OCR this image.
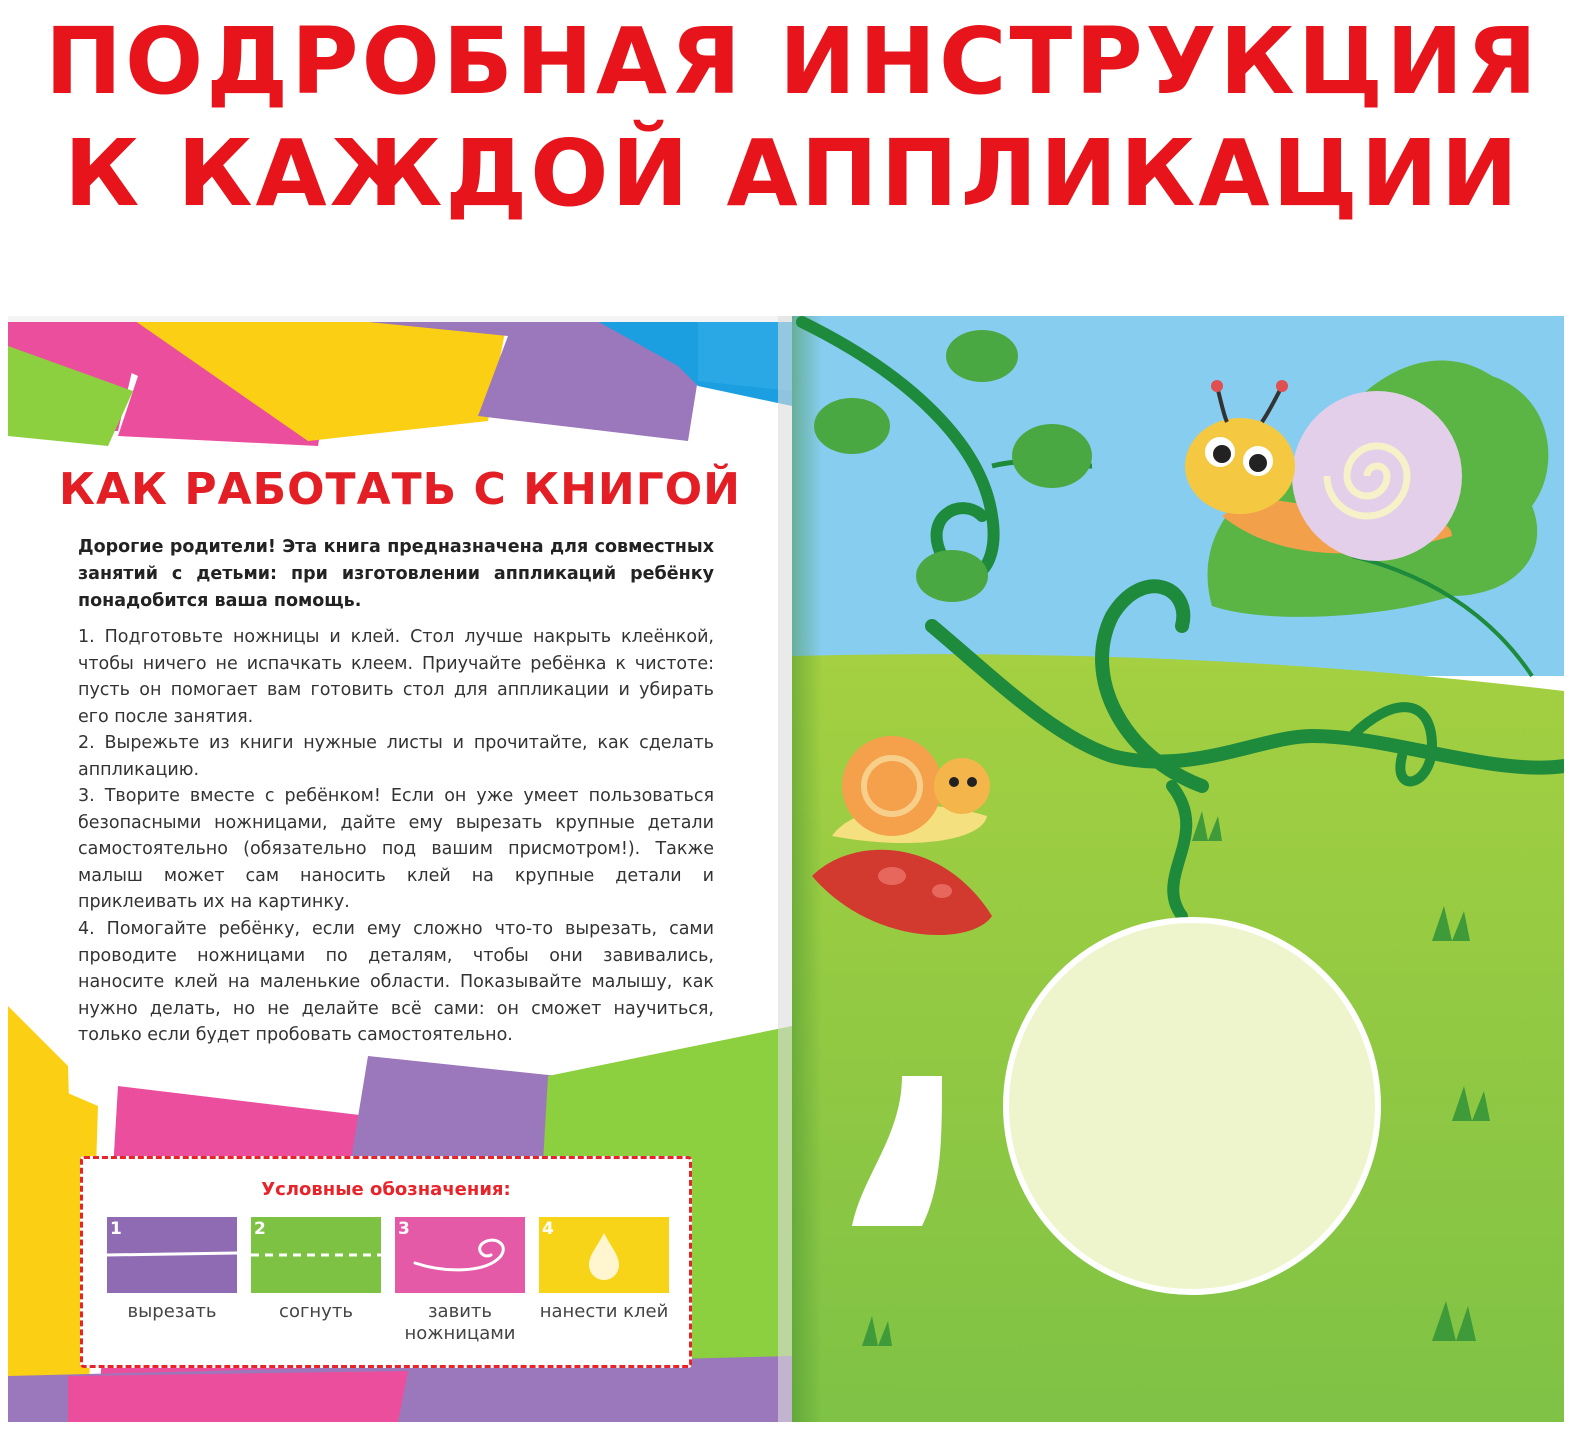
ПОДРОБНАЯ ИНСТРУКЦИЯ
К КАЖДОЙ АППЛИКАЦИИ
КАК РАБОТАТЬ С КНИГОЙ
Дорогие родители! Эта книга предназначена для совместных занятий с детьми: при изготовлении аппликаций ребёнку понадобится ваша помощь.
1. Подготовьте ножницы и клей. Стол лучше накрыть клеёнкой, чтобы ничего не испачкать клеем. Приучайте ребёнка к чистоте: пусть он помогает вам готовить стол для аппликации и убирать его после занятия.
2. Вырежьте из книги нужные листы и прочитайте, как сделать аппликацию.
3. Творите вместе с ребёнком! Если он уже умеет пользоваться безопасными ножницами, дайте ему вырезать крупные детали самостоятельно (обязательно под вашим присмотром!). Также малыш может сам наносить клей на крупные детали и приклеивать их на картинку.
4. Помогайте ребёнку, если ему сложно что-то вырезать, сами проводите ножницами по деталям, чтобы они завивались, наносите клей на маленькие области. Показывайте малышу, как нужно делать, но не делайте всё сами: он сможет научиться, только если будет пробовать самостоятельно.
Условные обозначения:
1
вырезать
2
согнуть
3
завить ножницами
4
нанести клей
